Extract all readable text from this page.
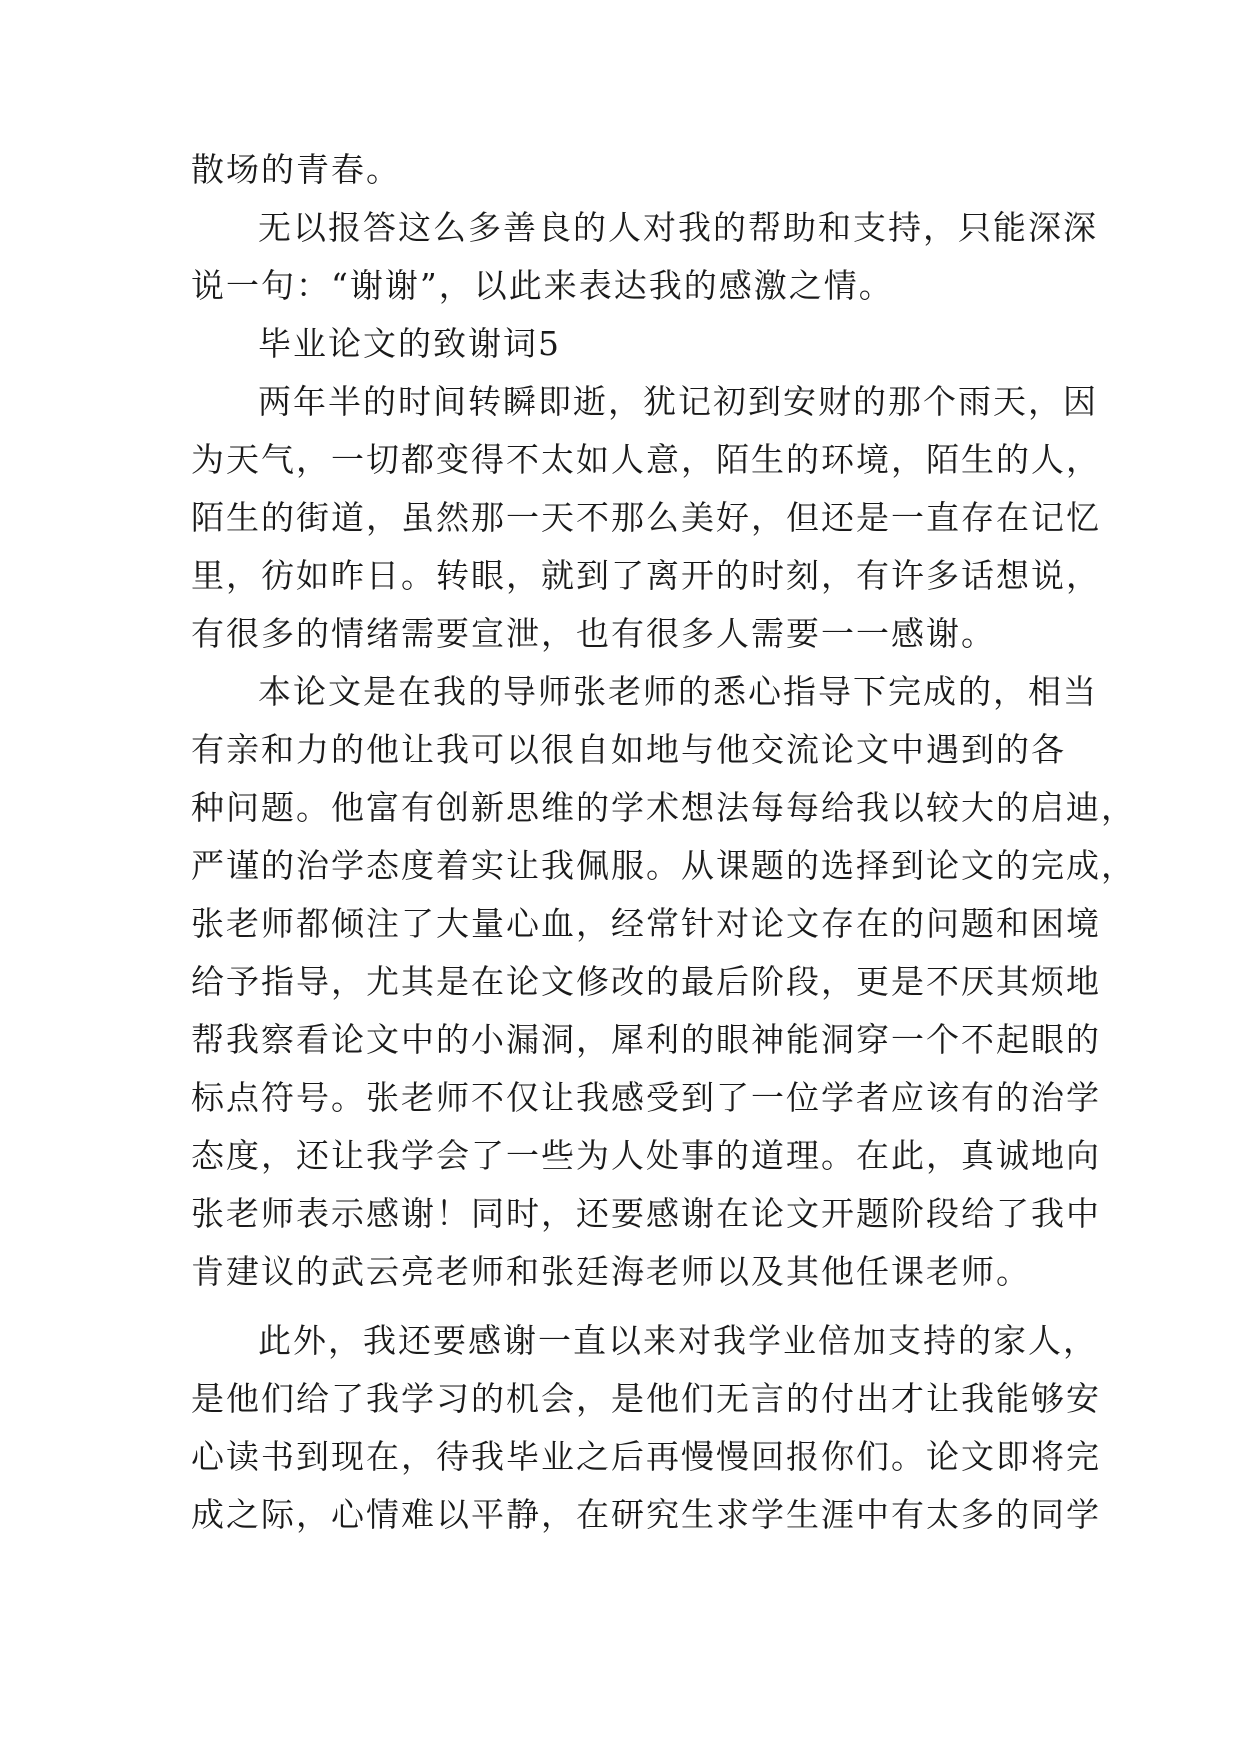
散场的青春。
无以报答这么多善良的人对我的帮助和支持，只能深深
说一句：“谢谢”，以此来表达我的感激之情。
毕业论文的致谢词5
两年半的时间转瞬即逝，犹记初到安财的那个雨天，因
为天气，一切都变得不太如人意，陌生的环境，陌生的人，
陌生的街道，虽然那一天不那么美好，但还是一直存在记忆
里，彷如昨日。转眼，就到了离开的时刻，有许多话想说，
有很多的情绪需要宣泄，也有很多人需要一一感谢。
本论文是在我的导师张老师的悉心指导下完成的，相当
有亲和力的他让我可以很自如地与他交流论文中遇到的各
种问题。他富有创新思维的学术想法每每给我以较大的启迪，
严谨的治学态度着实让我佩服。从课题的选择到论文的完成，
张老师都倾注了大量心血，经常针对论文存在的问题和困境
给予指导，尤其是在论文修改的最后阶段，更是不厌其烦地
帮我察看论文中的小漏洞，犀利的眼神能洞穿一个不起眼的
标点符号。张老师不仅让我感受到了一位学者应该有的治学
态度，还让我学会了一些为人处事的道理。在此，真诚地向
张老师表示感谢！同时，还要感谢在论文开题阶段给了我中
肯建议的武云亮老师和张廷海老师以及其他任课老师。
此外，我还要感谢一直以来对我学业倍加支持的家人，
是他们给了我学习的机会，是他们无言的付出才让我能够安
心读书到现在，待我毕业之后再慢慢回报你们。论文即将完
成之际，心情难以平静，在研究生求学生涯中有太多的同学
